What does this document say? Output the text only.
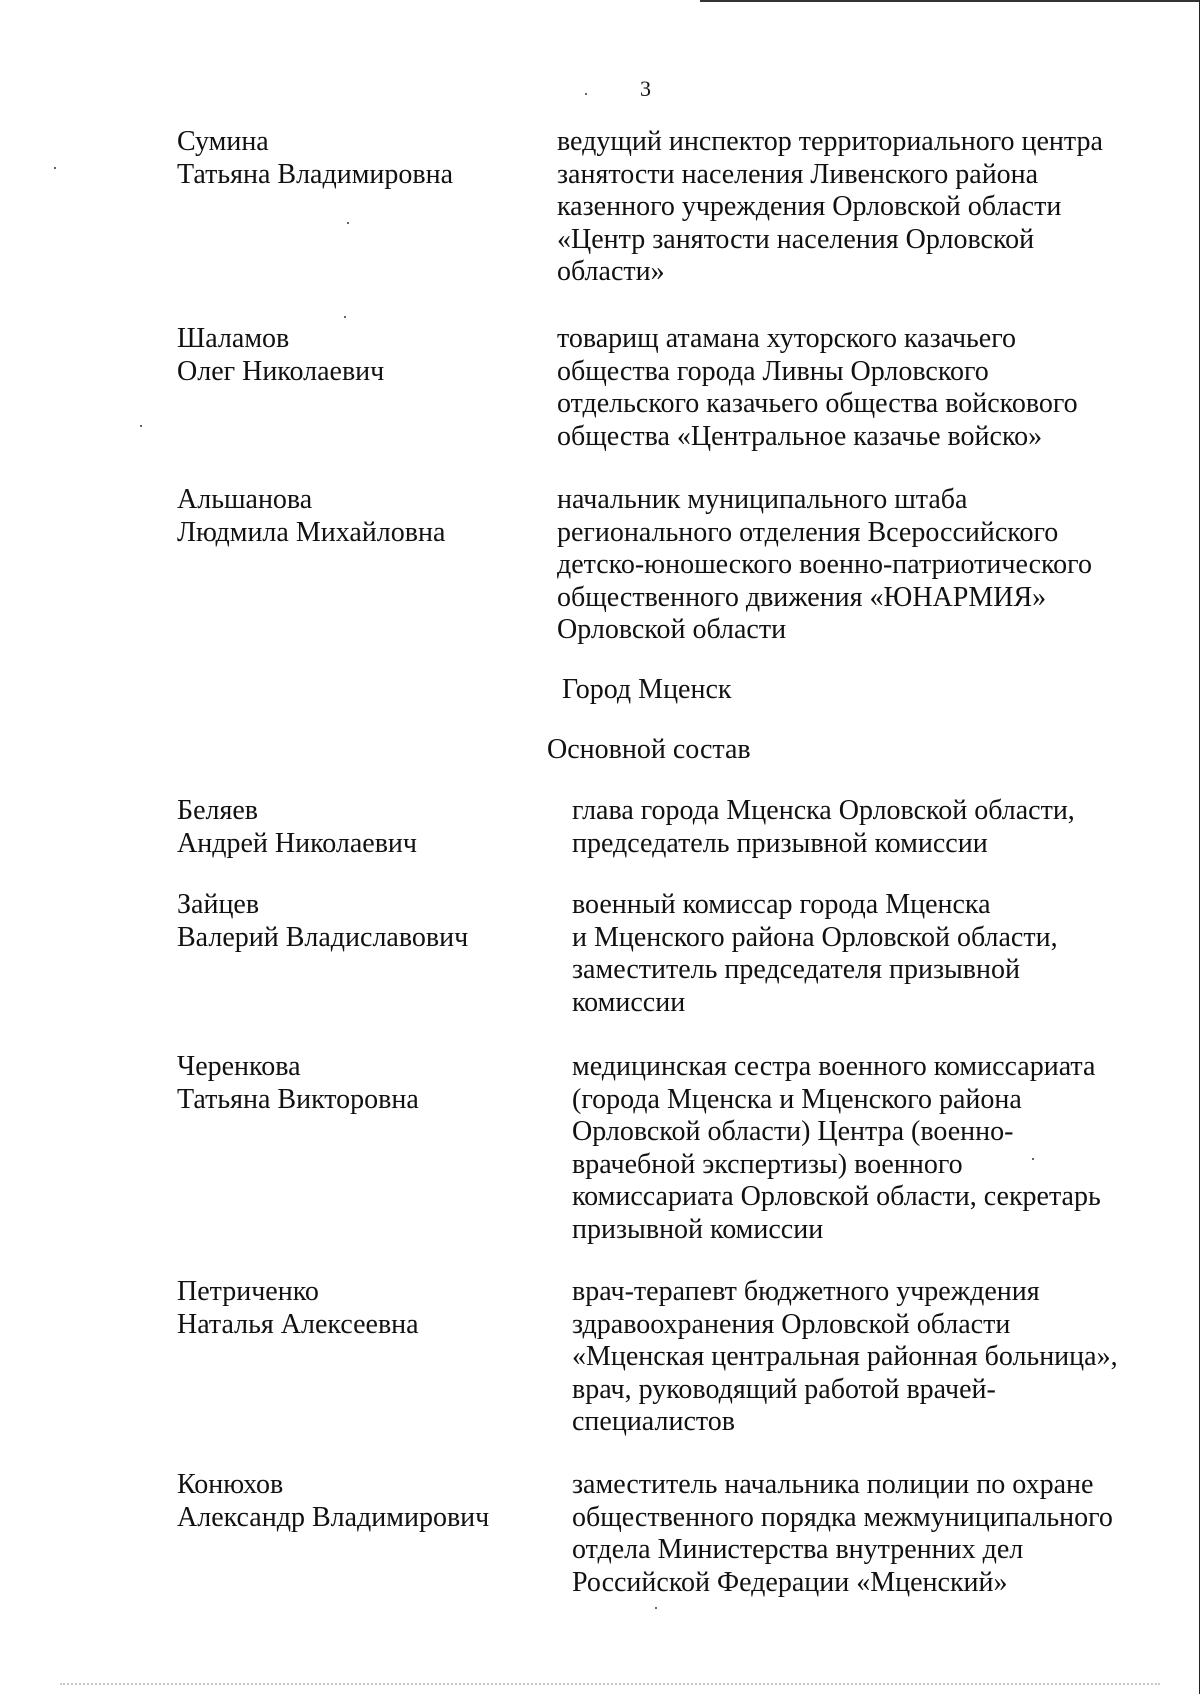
3
Сумина
Татьяна Владимировна
ведущий инспектор территориального центра
занятости населения Ливенского района
казенного учреждения Орловской области
«Центр занятости населения Орловской
области»
Шаламов
Олег Николаевич
товарищ атамана хуторского казачьего
общества города Ливны Орловского
отдельского казачьего общества войскового
общества «Центральное казачье войско»
Альшанова
Людмила Михайловна
начальник муниципального штаба
регионального отделения Всероссийского
детско-юношеского военно-патриотического
общественного движения «ЮНАРМИЯ»
Орловской области
Город Мценск
Основной состав
Беляев
Андрей Николаевич
глава города Мценска Орловской области,
председатель призывной комиссии
Зайцев
Валерий Владиславович
военный комиссар города Мценска
и Мценского района Орловской области,
заместитель председателя призывной
комиссии
Черенкова
Татьяна Викторовна
медицинская сестра военного комиссариата
(города Мценска и Мценского района
Орловской области) Центра (военно-
врачебной экспертизы) военного
комиссариата Орловской области, секретарь
призывной комиссии
Петриченко
Наталья Алексеевна
врач-терапевт бюджетного учреждения
здравоохранения Орловской области
«Мценская центральная районная больница»,
врач, руководящий работой врачей-
специалистов
Конюхов
Александр Владимирович
заместитель начальника полиции по охране
общественного порядка межмуниципального
отдела Министерства внутренних дел
Российской Федерации «Мценский»
